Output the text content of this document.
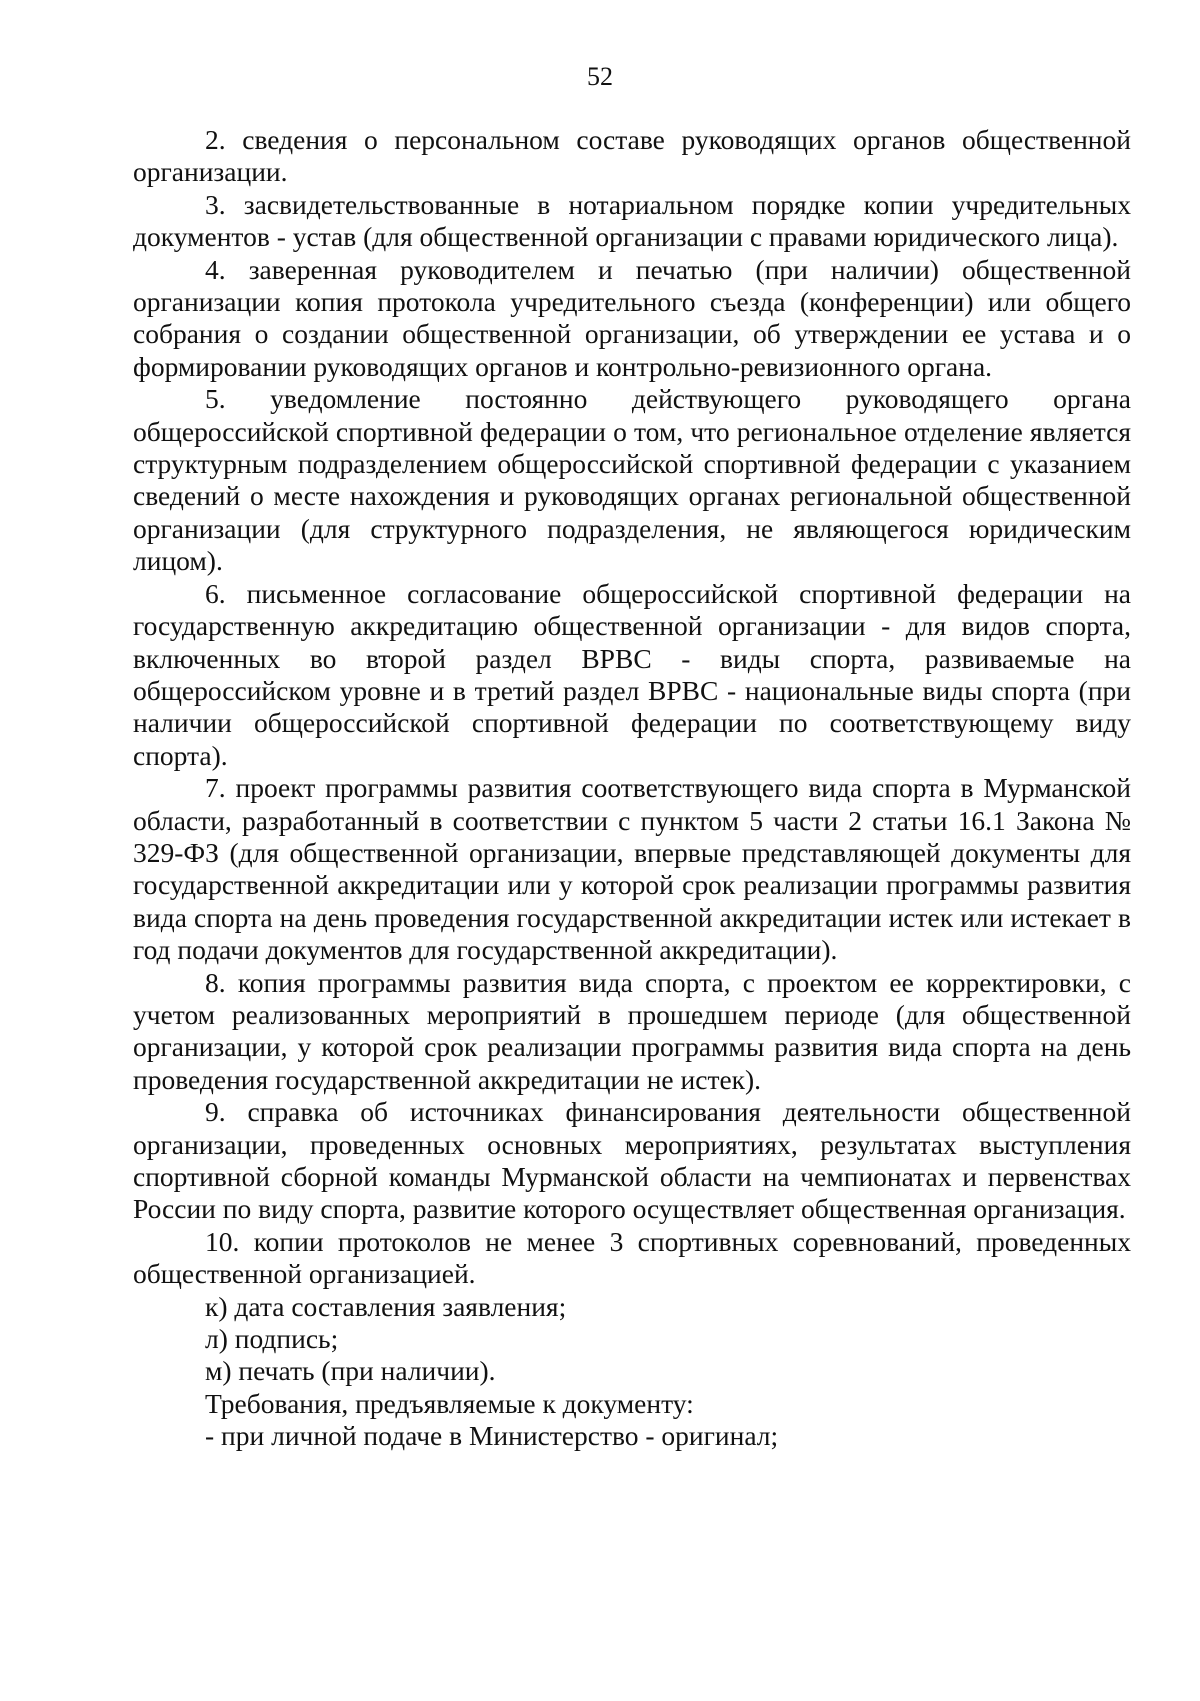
52

2. сведения о персональном составе руководящих органов общественной организации.

3. засвидетельствованные в нотариальном порядке копии учредительных документов - устав (для общественной организации с правами юридического лица).

4. заверенная руководителем и печатью (при наличии) общественной организации копия протокола учредительного съезда (конференции) или общего собрания о создании общественной организации, об утверждении ее устава и о формировании руководящих органов и контрольно-ревизионного органа.

5. уведомление постоянно действующего руководящего органа общероссийской спортивной федерации о том, что региональное отделение является структурным подразделением общероссийской спортивной федерации с указанием сведений о месте нахождения и руководящих органах региональной общественной организации (для структурного подразделения, не являющегося юридическим лицом).

6. письменное согласование общероссийской спортивной федерации на государственную аккредитацию общественной организации - для видов спорта, включенных во второй раздел ВРВС - виды спорта, развиваемые на общероссийском уровне и в третий раздел ВРВС - национальные виды спорта (при наличии общероссийской спортивной федерации по соответствующему виду спорта).

7. проект программы развития соответствующего вида спорта в Мурманской области, разработанный в соответствии с пунктом 5 части 2 статьи 16.1 Закона № 329-ФЗ (для общественной организации, впервые представляющей документы для государственной аккредитации или у которой срок реализации программы развития вида спорта на день проведения государственной аккредитации истек или истекает в год подачи документов для государственной аккредитации).

8. копия программы развития вида спорта, с проектом ее корректировки, с учетом реализованных мероприятий в прошедшем периоде (для общественной организации, у которой срок реализации программы развития вида спорта на день проведения государственной аккредитации не истек).

9. справка об источниках финансирования деятельности общественной организации, проведенных основных мероприятиях, результатах выступления спортивной сборной команды Мурманской области на чемпионатах и первенствах России по виду спорта, развитие которого осуществляет общественная организация.

10. копии протоколов не менее 3 спортивных соревнований, проведенных общественной организацией.

к) дата составления заявления;

л) подпись;

м) печать (при наличии).

Требования, предъявляемые к документу:

- при личной подаче в Министерство - оригинал;
